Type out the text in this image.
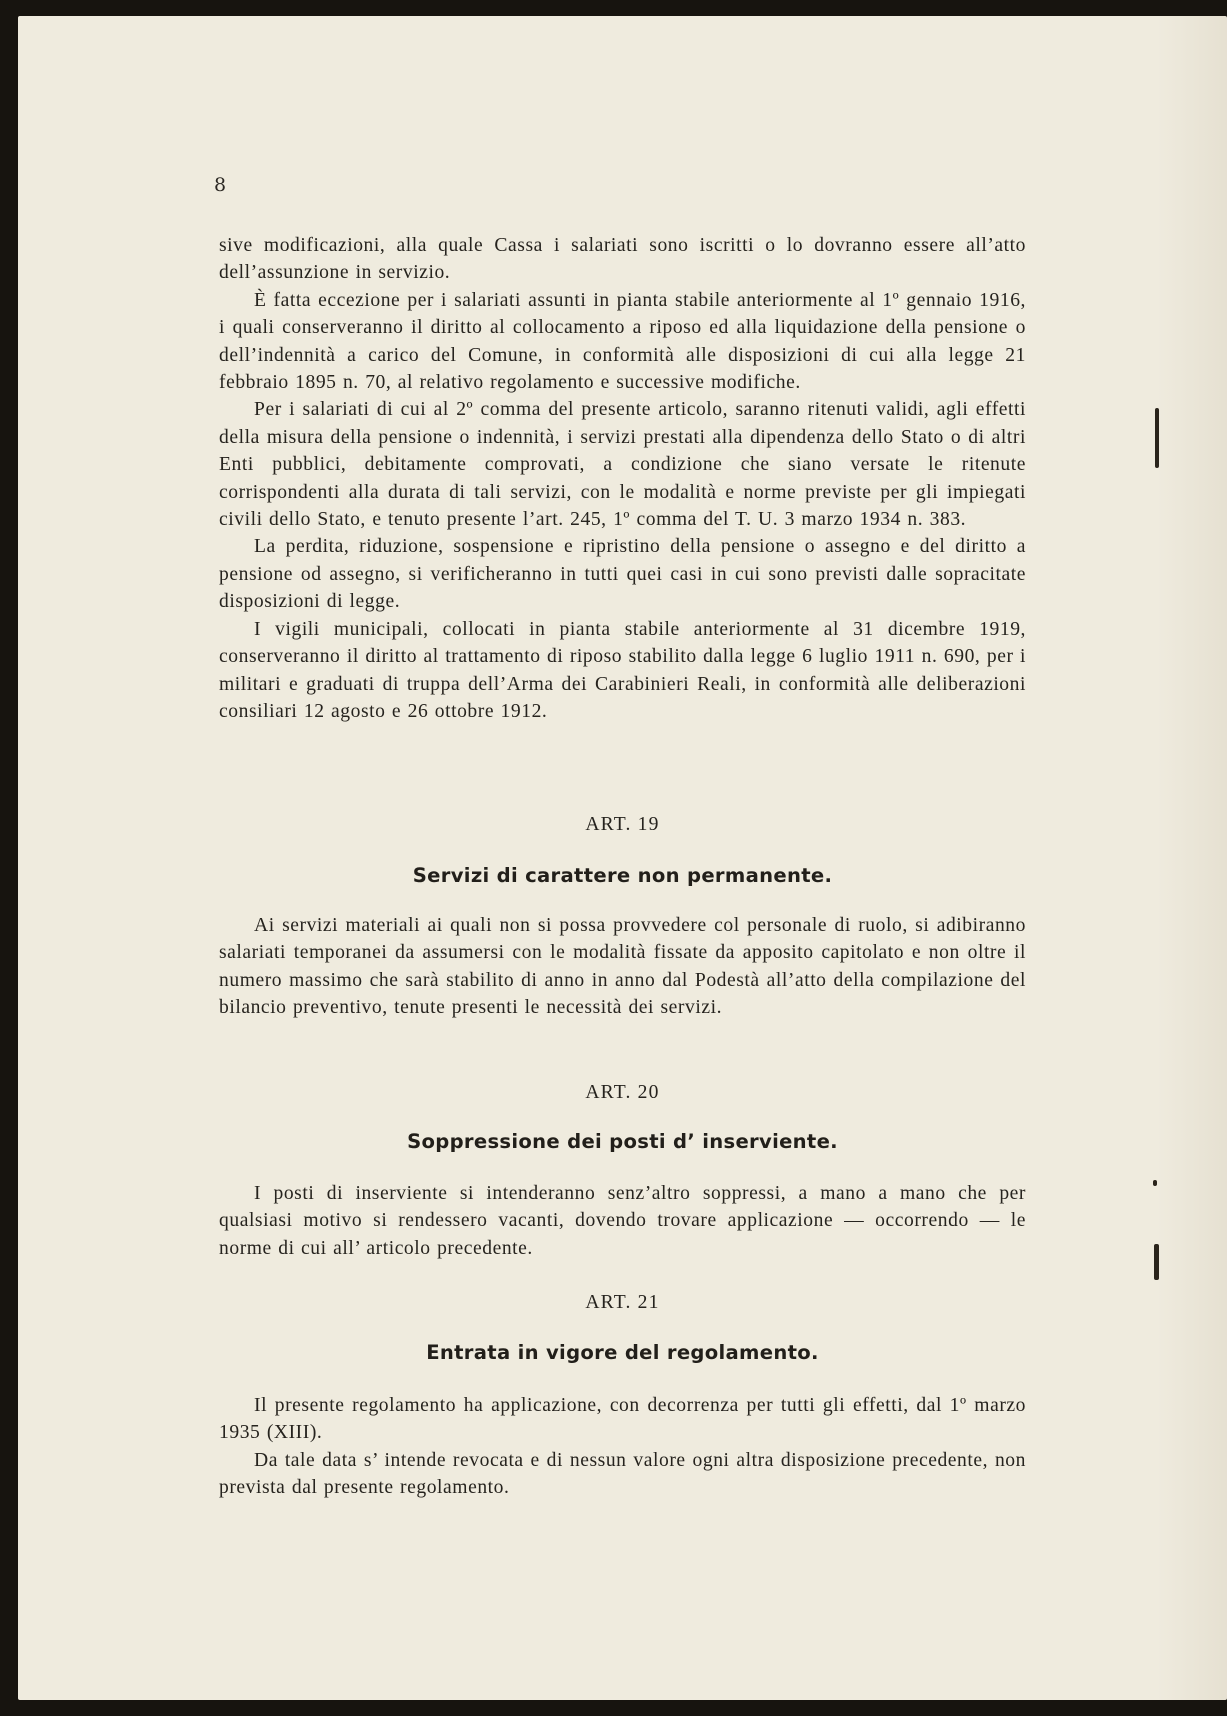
8

sive modificazioni, alla quale Cassa i salariati sono iscritti o lo dovranno essere all’atto dell’assunzione in servizio.

È fatta eccezione per i salariati assunti in pianta stabile anteriormente al 1º gennaio 1916, i quali conserveranno il diritto al collocamento a riposo ed alla liquidazione della pensione o dell’indennità a carico del Comune, in conformità alle disposizioni di cui alla legge 21 febbraio 1895 n. 70, al relativo regolamento e successive modifiche.

Per i salariati di cui al 2º comma del presente articolo, saranno ritenuti validi, agli effetti della misura della pensione o indennità, i servizi prestati alla dipendenza dello Stato o di altri Enti pubblici, debitamente comprovati, a condizione che siano versate le ritenute corrispondenti alla durata di tali servizi, con le modalità e norme previste per gli impiegati civili dello Stato, e tenuto presente l’art. 245, 1º comma del T. U. 3 marzo 1934 n. 383.

La perdita, riduzione, sospensione e ripristino della pensione o assegno e del diritto a pensione od assegno, si verificheranno in tutti quei casi in cui sono previsti dalle sopracitate disposizioni di legge.

I vigili municipali, collocati in pianta stabile anteriormente al 31 dicembre 1919, conserveranno il diritto al trattamento di riposo stabilito dalla legge 6 luglio 1911 n. 690, per i militari e graduati di truppa dell’Arma dei Carabinieri Reali, in conformità alle deliberazioni consiliari 12 agosto e 26 ottobre 1912.

ART. 19
Servizi di carattere non permanente.

Ai servizi materiali ai quali non si possa provvedere col personale di ruolo, si adibiranno salariati temporanei da assumersi con le modalità fissate da apposito capitolato e non oltre il numero massimo che sarà stabilito di anno in anno dal Podestà all’atto della compilazione del bilancio preventivo, tenute presenti le necessità dei servizi.

ART. 20
Soppressione dei posti d’ inserviente.

I posti di inserviente si intenderanno senz’altro soppressi, a mano a mano che per qualsiasi motivo si rendessero vacanti, dovendo trovare applicazione — occorrendo — le norme di cui all’ articolo precedente.

ART. 21
Entrata in vigore del regolamento.

Il presente regolamento ha applicazione, con decorrenza per tutti gli effetti, dal 1º marzo 1935 (XIII).

Da tale data s’ intende revocata e di nessun valore ogni altra disposizione precedente, non prevista dal presente regolamento.
